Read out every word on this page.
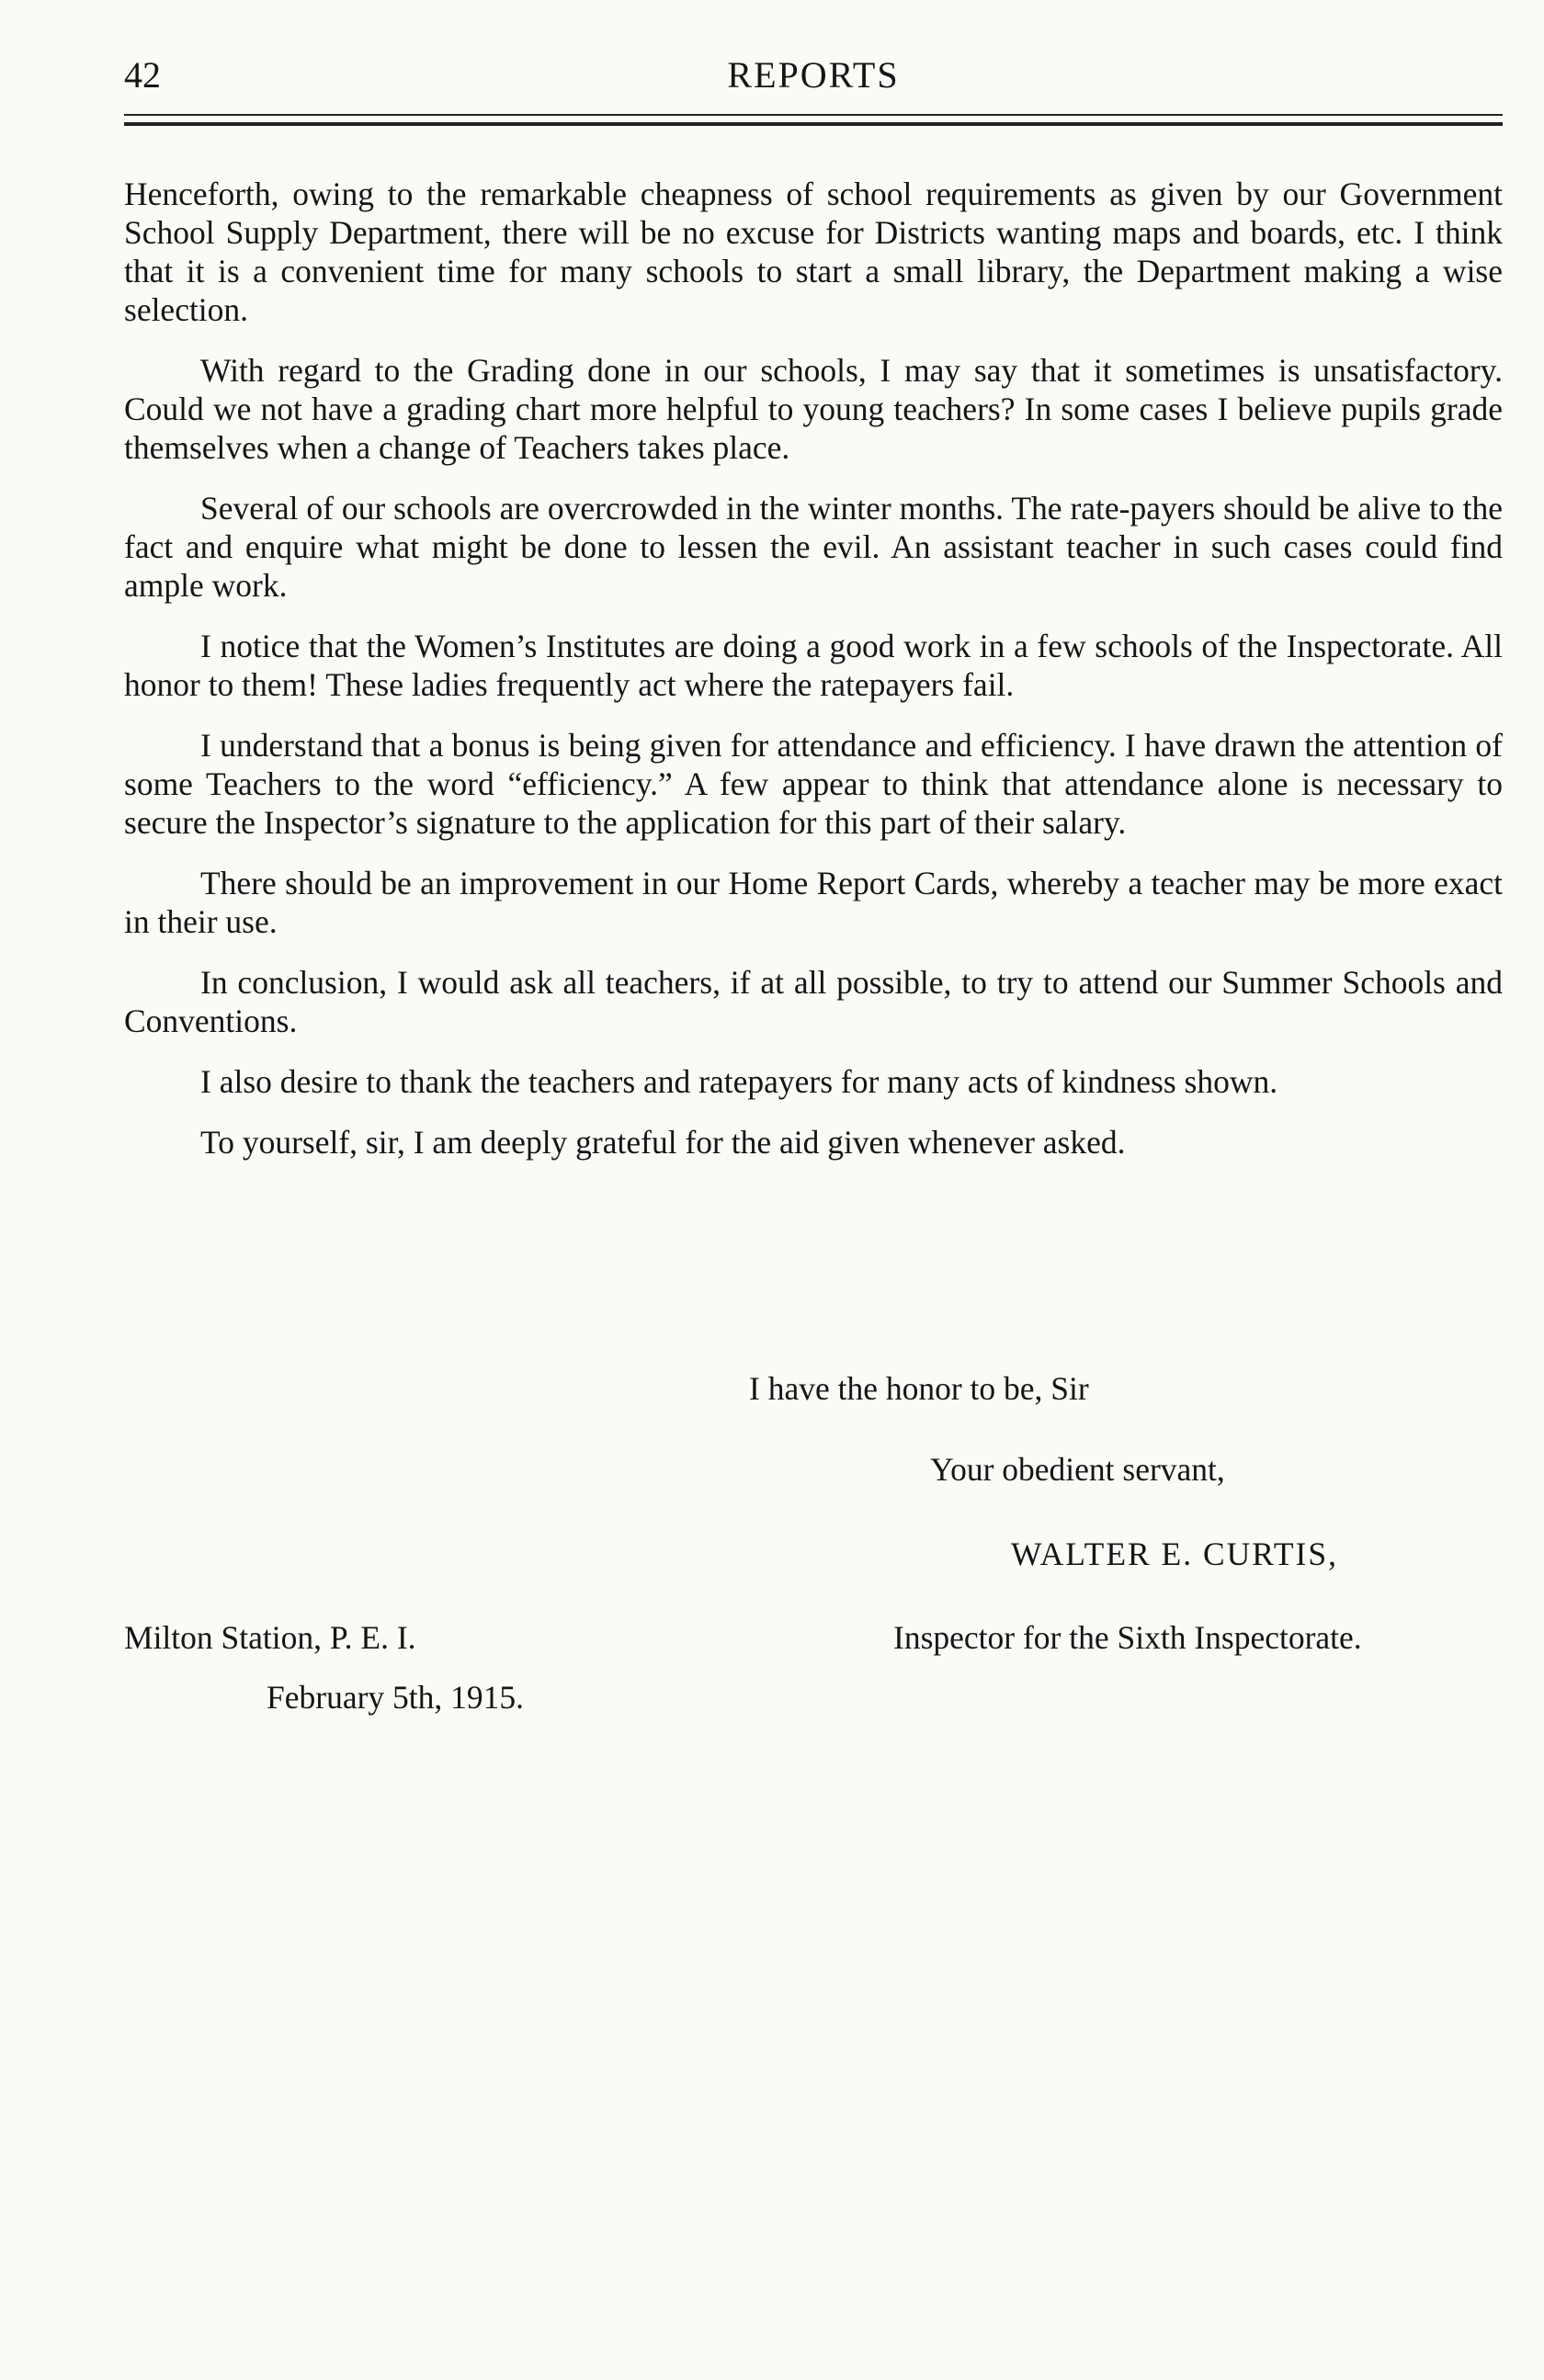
42	REPORTS

Henceforth, owing to the remarkable cheapness of school requirements as given by our Government School Supply Department, there will be no excuse for Districts wanting maps and boards, etc. I think that it is a convenient time for many schools to start a small library, the Department making a wise selection.

With regard to the Grading done in our schools, I may say that it sometimes is unsatisfactory. Could we not have a grading chart more helpful to young teachers? In some cases I believe pupils grade themselves when a change of Teachers takes place.

Several of our schools are overcrowded in the winter months. The rate-payers should be alive to the fact and enquire what might be done to lessen the evil. An assistant teacher in such cases could find ample work.

I notice that the Women’s Institutes are doing a good work in a few schools of the Inspectorate. All honor to them! These ladies frequently act where the ratepayers fail.

I understand that a bonus is being given for attendance and efficiency. I have drawn the attention of some Teachers to the word “efficiency.” A few appear to think that attendance alone is necessary to secure the Inspector’s signature to the application for this part of their salary.

There should be an improvement in our Home Report Cards, whereby a teacher may be more exact in their use.

In conclusion, I would ask all teachers, if at all possible, to try to attend our Summer Schools and Conventions.

I also desire to thank the teachers and ratepayers for many acts of kindness shown.

To yourself, sir, I am deeply grateful for the aid given whenever asked.

I have the honor to be, Sir
Your obedient servant,
WALTER E. CURTIS,
Inspector for the Sixth Inspectorate.
Milton Station, P. E. I.
February 5th, 1915.
